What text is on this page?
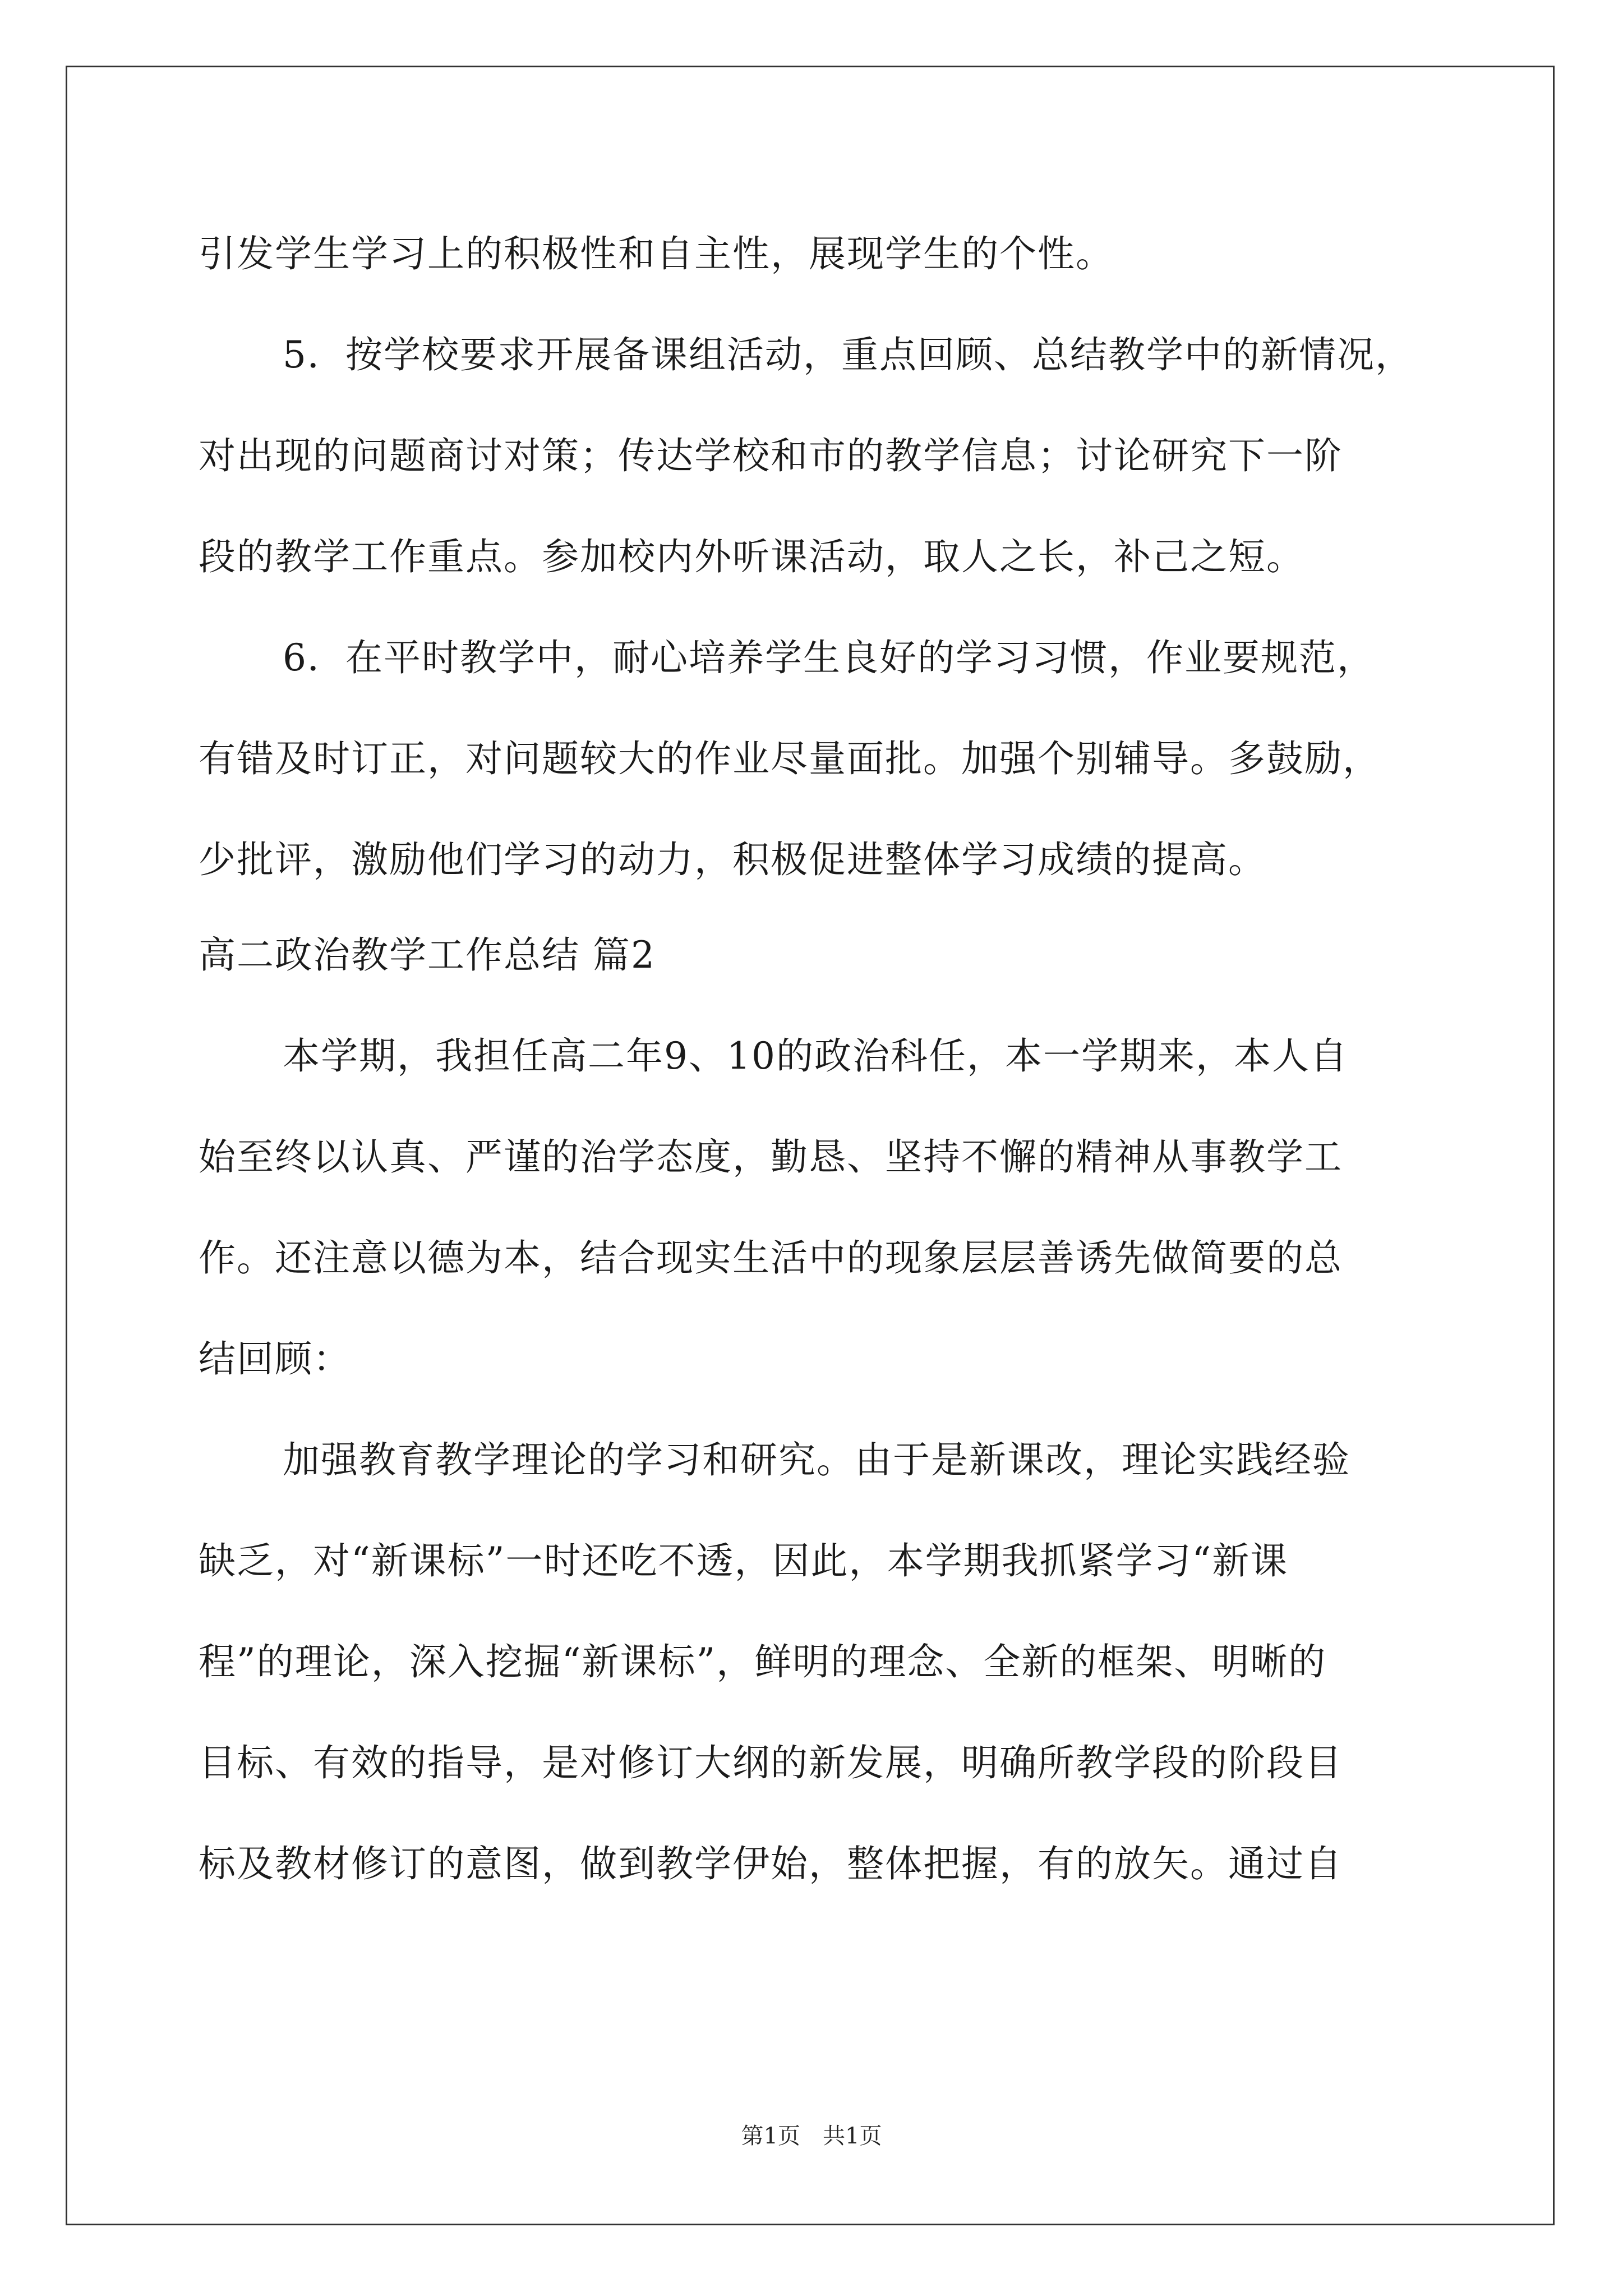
引发学生学习上的积极性和自主性，展现学生的个性。
5．按学校要求开展备课组活动，重点回顾、总结教学中的新情况，
对出现的问题商讨对策；传达学校和市的教学信息；讨论研究下一阶
段的教学工作重点。参加校内外听课活动，取人之长，补己之短。
6．在平时教学中，耐心培养学生良好的学习习惯，作业要规范，
有错及时订正，对问题较大的作业尽量面批。加强个别辅导。多鼓励，
少批评，激励他们学习的动力，积极促进整体学习成绩的提高。
高二政治教学工作总结 篇2
本学期，我担任高二年9、10的政治科任，本一学期来，本人自
始至终以认真、严谨的治学态度，勤恳、坚持不懈的精神从事教学工
作。还注意以德为本，结合现实生活中的现象层层善诱先做简要的总
结回顾：
加强教育教学理论的学习和研究。由于是新课改，理论实践经验
缺乏，对“新课标”一时还吃不透，因此，本学期我抓紧学习“新课
程”的理论，深入挖掘“新课标”，鲜明的理念、全新的框架、明晰的
目标、有效的指导，是对修订大纲的新发展，明确所教学段的阶段目
标及教材修订的意图，做到教学伊始，整体把握，有的放矢。通过自
第1页　共1页
